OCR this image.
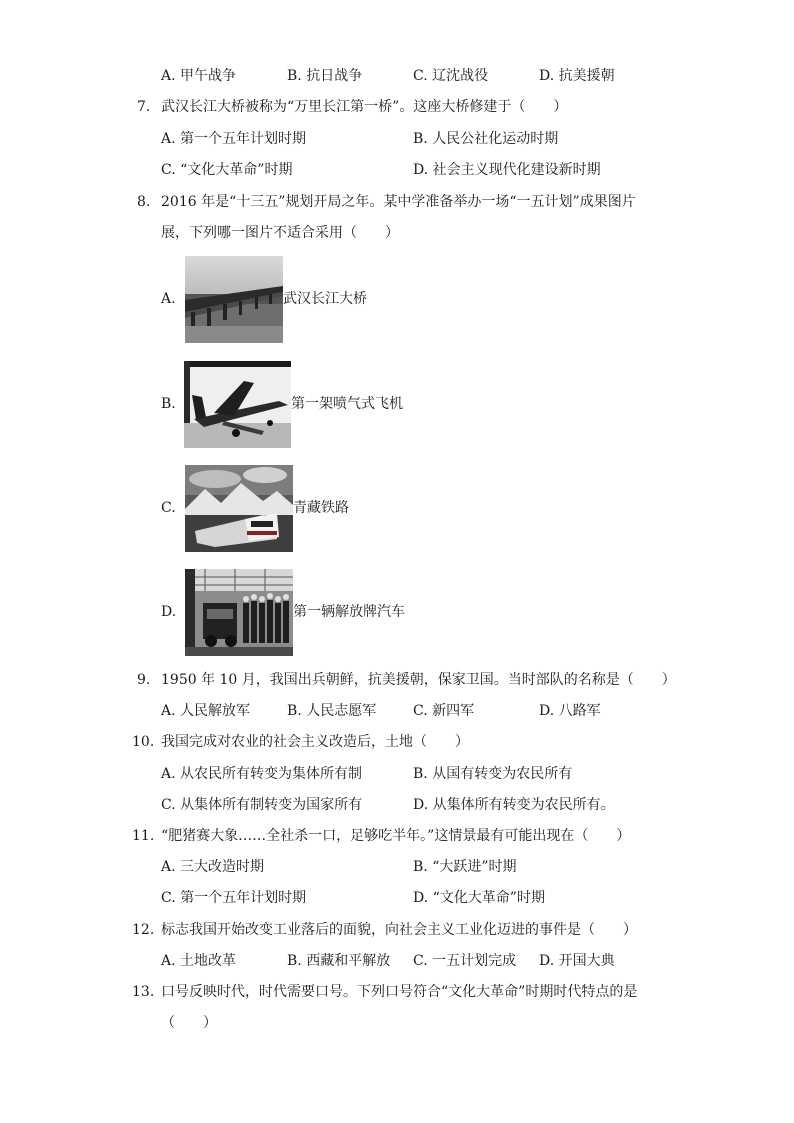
A. 甲午战争	B. 抗日战争	C. 辽沈战役	D. 抗美援朝
7. 武汉长江大桥被称为“万里长江第一桥”。这座大桥修建于（　　）
A. 第一个五年计划时期	B. 人民公社化运动时期
C. “文化大革命”时期	D. 社会主义现代化建设新时期
8. 2016 年是“十三五”规划开局之年。某中学准备举办一场“一五计划”成果图片
展，下列哪一图片不适合采用（　　）
A.	武汉长江大桥
B.	第一架喷气式飞机
C.	青藏铁路
D.	第一辆解放牌汽车
9. 1950 年 10 月，我国出兵朝鲜，抗美援朝，保家卫国。当时部队的名称是（　　）
A. 人民解放军	B. 人民志愿军	C. 新四军	D. 八路军
10. 我国完成对农业的社会主义改造后，土地（　　）
A. 从农民所有转变为集体所有制	B. 从国有转变为农民所有
C. 从集体所有制转变为国家所有	D. 从集体所有转变为农民所有。
11. “肥猪赛大象……全社杀一口，足够吃半年。”这情景最有可能出现在（　　）
A. 三大改造时期	B. “大跃进”时期
C. 第一个五年计划时期	D. “文化大革命”时期
12. 标志我国开始改变工业落后的面貌，向社会主义工业化迈进的事件是（　　）
A. 土地改革	B. 西藏和平解放 C. 一五计划完成 D. 开国大典
13. 口号反映时代，时代需要口号。下列口号符合“文化大革命”时期时代特点的是
（　　）
